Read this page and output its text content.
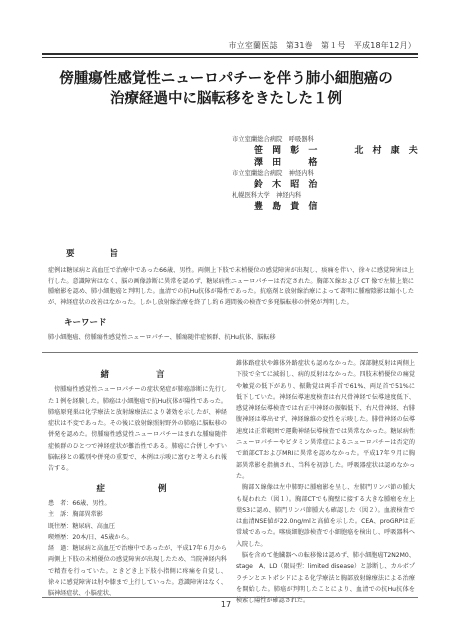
市立室蘭医誌　第31巻　第１号　平成18年12月）
傍腫瘍性感覚性ニューロパチーを伴う肺小細胞癌の
治療経過中に脳転移をきたした１例
市立室蘭総合病院　呼吸器科
笹 岡 彰 一	北 村 康 夫
澤 田 　 格
市立室蘭総合病院　神経内科
鈴 木 昭 治
札幌医科大学　神経内科
豊 島 貴 信
要　　旨
症例は糖尿病と高血圧で治療中であった66歳、男性。両側上下肢で末梢優位の感覚障害が出現し、痰痛を伴い、徐々に感覚障害は上行した。意識障害はなく、脳の画像診断に異常を認めず、糖尿病性ニューロパチーは否定された。胸部Ｘ線および CT 像で左肺上葉に腫瘤影を認め、肺小細胞癌と判明した。血清での抗Hu抗体が陽性であった。抗癌剤と放射線治療によって著明に腫瘤陰影は縮小したが、神経症状の改善はなかった。しかし放射線治療を終了し約６週間後の検査で多発脳転移の併発が判明した。
キーワード
肺小細胞癌、傍腫瘍性感覚性ニューロパチー、腫瘍随伴症候群、抗Hu抗体、脳転移

緒　　言

傍腫瘍性感覚性ニューロパチーの症状発症が肺癌診断に先行した１例を経験した。肺癌は小細胞癌で抗Hu抗体が陽性であった。肺癌原発巣は化学療法と放射線療法により著効を示したが、神経症状は不変であった。その後に放射線照射野外の肺癌に脳転移の併発を認めた。傍腫瘍性感覚性ニューロパチーはまれな腫瘍随伴症候群のひとつで神経症状が難治性である。肺癌に合併しやすい脳転移との鑑別や併発の重要で、本例は示唆に富むと考えられ報告する。

症　　例

患　者：66歳、男性。

主　訴：胸部異常影

既往歴：糖尿病、高血圧

喫煙歴：20本/日、45歳から。

経　過：糖尿病と高血圧で治療中であったが、平成17年６月から両側上下肢の末梢優位の感覚障害が出現したため、当院神経内科で精査を行っていた。ときどき上下肢小指側に疼痛を自覚し、徐々に感覚障害は肘や膝まで上行していった。意識障害はなく、脳神経症状、小脳症状、

錐体路症状や錐体外路症状も認めなかった。深部腱反射は両側上下肢で全てに減弱し、病的反射はなかった。四肢末梢優位の痛覚や触覚の低下があり、振動覚は両手首で61%、両足首で51%に低下していた。神経伝導速度検査は右尺骨神経で伝導速度低下、感覚神経伝導検査では右正中神経の振幅低下、右尺骨神経、右腓腹神経は導出せず、神経線維の変性を示唆した。腓骨神経の伝導速度は正常範囲で運動神経伝導検査では異常なかった。糖尿病性ニューロパチーやビタミン異常症によるニューロパチーは否定的で頭部CTおよびMRIに異常を認めなかった。平成17年９月に胸部異常影を指摘され、当科を初診した。呼吸器症状は認めなかった。

胸部Ｘ線像は左中肺野に腫瘤影を呈し、左肺門リンパ節の腫大も疑われた（図１）。胸部CTでも胸壁に接する大きな腫瘤を左上葉S3に認め、肺門リンパ節腫大も確認した（図２）。血液検査では血清NSE値が22.0ng/mlと高値を示した。CEA、proGRPは正常域であった。喀痰細胞診検査で小細胞癌を検出し、呼吸器科へ入院した。

脳を含めて他臓器への転移像は認めず、肺小細胞癌T2N2M0、stage　A、LD（限局型：limited disease）と診断し、カルボプラチンとエトポシドによる化学療法と胸部放射線療法による治療を開始した。肺癌が判明したことにより、血清での抗Hu抗体を検索し陽性が確認された。

17
